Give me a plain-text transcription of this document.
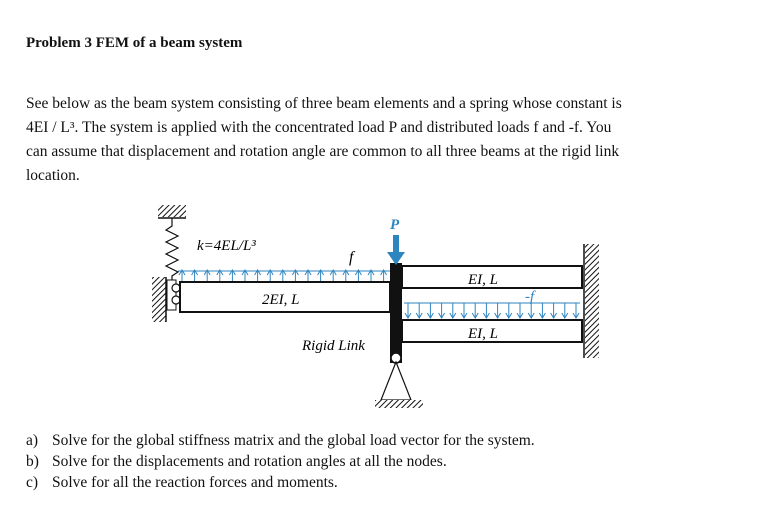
Problem 3 FEM of a beam system
See below as the beam system consisting of three beam elements and a spring whose constant is
4EI / L³. The system is applied with the concentrated load P and distributed loads f and -f. You
can assume that displacement and rotation angle are common to all three beams at the rigid link
location.
k=4EL/L³
P
f
2EI, L
EI, L
EI, L
-f
Rigid Link
a) Solve for the global stiffness matrix and the global load vector for the system.
b) Solve for the displacements and rotation angles at all the nodes.
c) Solve for all the reaction forces and moments.
